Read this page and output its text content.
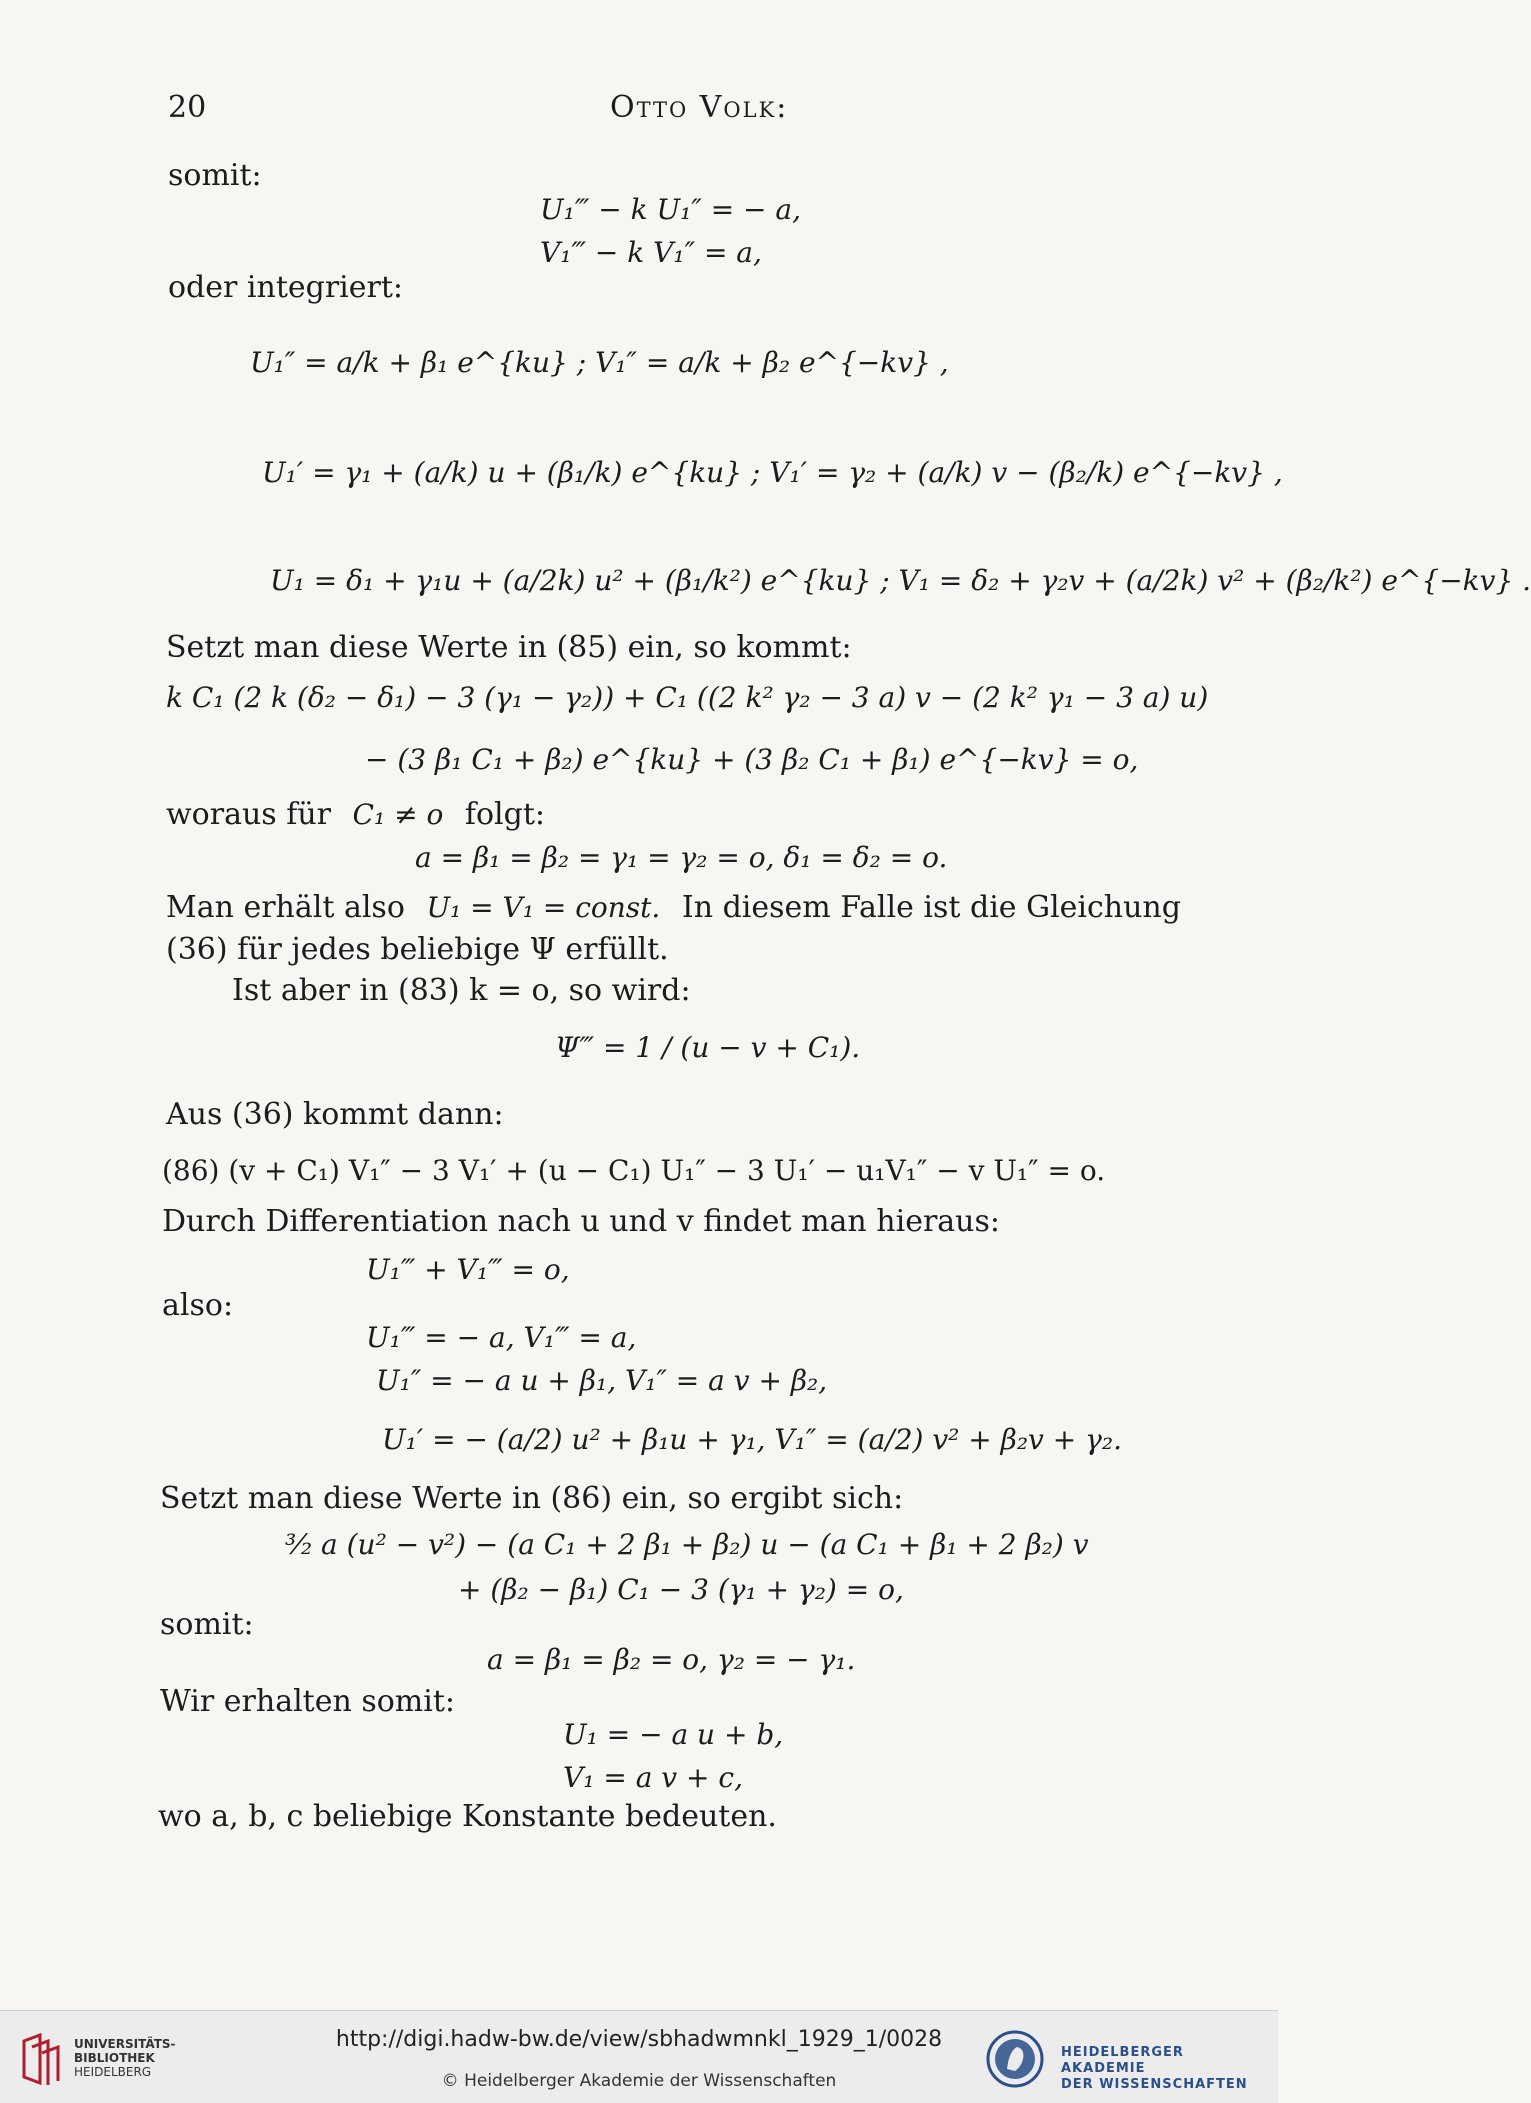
20	Otto Volk:
somit:
U₁‴ − k U₁″ = − a,
V₁‴ − k V₁″ = a,
oder integriert:
U₁″ = a/k + β₁ e^{ku} ; V₁″ = a/k + β₂ e^{−kv} ,
U₁′ = γ₁ + (a/k) u + (β₁/k) e^{ku} ; V₁′ = γ₂ + (a/k) v − (β₂/k) e^{−kv} ,
U₁ = δ₁ + γ₁u + (a/2k) u² + (β₁/k²) e^{ku} ; V₁ = δ₂ + γ₂v + (a/2k) v² + (β₂/k²) e^{−kv} .
Setzt man diese Werte in (85) ein, so kommt:
k C₁ (2 k (δ₂ − δ₁) − 3 (γ₁ − γ₂)) + C₁ ((2 k² γ₂ − 3 a) v − (2 k² γ₁ − 3 a) u)
− (3 β₁ C₁ + β₂) e^{ku} + (3 β₂ C₁ + β₁) e^{−kv} = o,
woraus für C₁ ≠ o folgt:
a = β₁ = β₂ = γ₁ = γ₂ = o, δ₁ = δ₂ = o.
Man erhält also U₁ = V₁ = const. In diesem Falle ist die Gleichung
(36) für jedes beliebige Ψ erfüllt.
Ist aber in (83) k = o, so wird:
Ψ‴ = 1 / (u − v + C₁).
Aus (36) kommt dann:
(86) (v + C₁) V₁″ − 3 V₁′ + (u − C₁) U₁″ − 3 U₁′ − u₁V₁″ − v U₁″ = o.
Durch Differentiation nach u und v findet man hieraus:
U₁‴ + V₁‴ = o,
also:
U₁‴ = − a, V₁‴ = a,
U₁″ = − a u + β₁, V₁″ = a v + β₂,
U₁′ = − (a/2) u² + β₁u + γ₁, V₁″ = (a/2) v² + β₂v + γ₂.
Setzt man diese Werte in (86) ein, so ergibt sich:
³⁄₂ a (u² − v²) − (a C₁ + 2 β₁ + β₂) u − (a C₁ + β₁ + 2 β₂) v
+ (β₂ − β₁) C₁ − 3 (γ₁ + γ₂) = o,
somit:
a = β₁ = β₂ = o, γ₂ = − γ₁.
Wir erhalten somit:
U₁ = − a u + b,
V₁ = a v + c,
wo a, b, c beliebige Konstante bedeuten.
UNIVERSITÄTS-
BIBLIOTHEK
HEIDELBERG
http://digi.hadw-bw.de/view/sbhadwmnkl_1929_1/0028
© Heidelberger Akademie der Wissenschaften
HEIDELBERGER AKADEMIE
DER WISSENSCHAFTEN
